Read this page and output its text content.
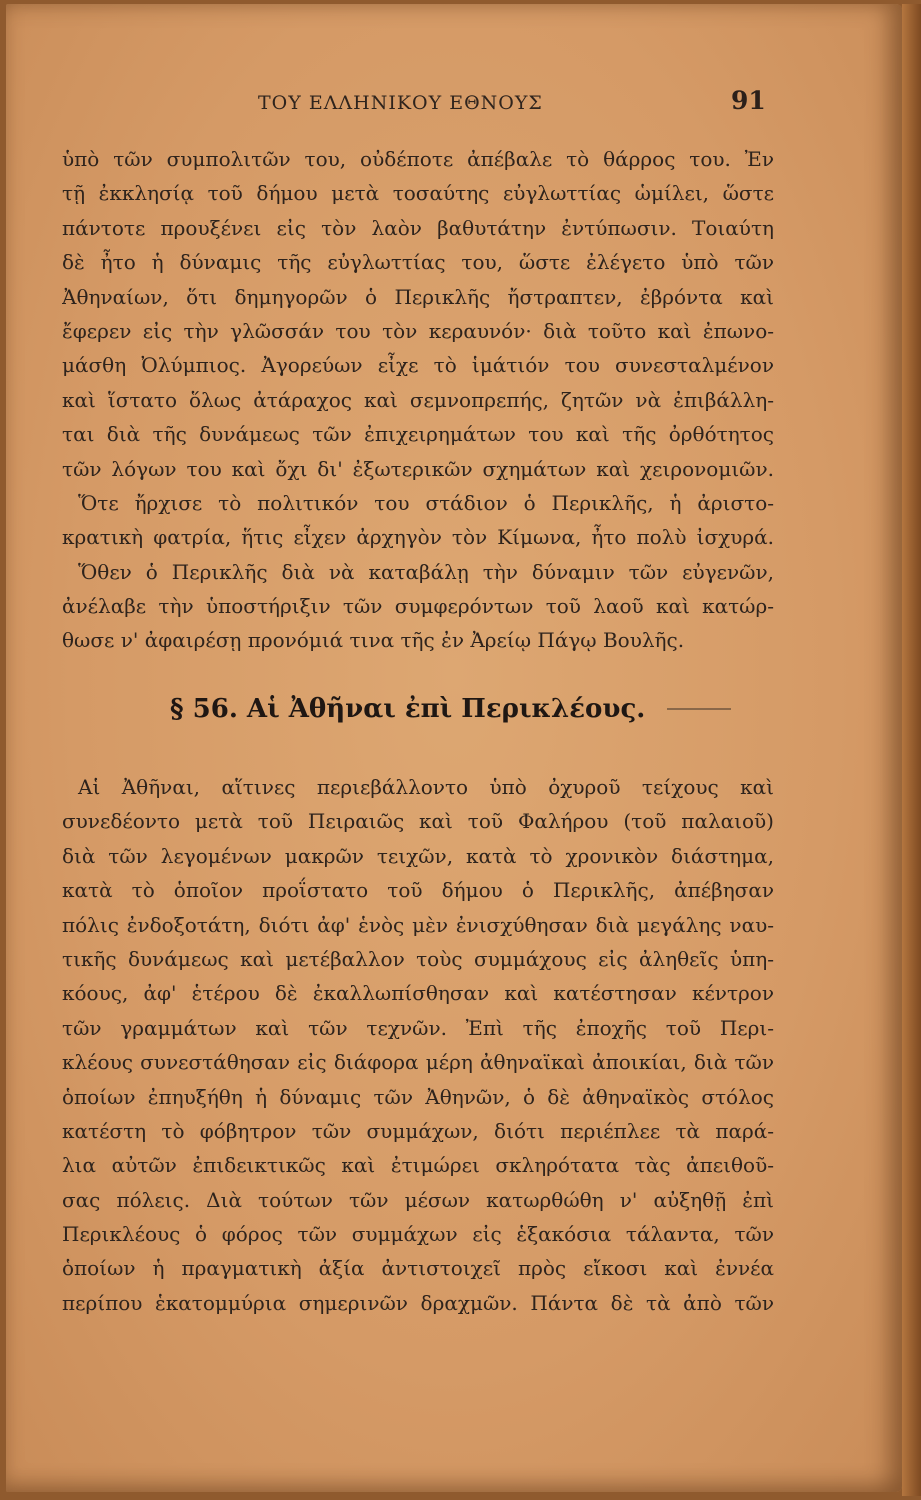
ΤΟΥ ΕΛΛΗΝΙΚΟΥ ΕΘΝΟΥΣ	91
ὑπὸ τῶν συμπολιτῶν του, οὐδέποτε ἀπέβαλε τὸ θάρρος του. Ἐν
τῇ ἐκκλησίᾳ τοῦ δήμου μετὰ τοσαύτης εὐγλωττίας ὡμίλει, ὥστε
πάντοτε προυξένει εἰς τὸν λαὸν βαθυτάτην ἐντύπωσιν. Τοιαύτη
δὲ ἦτο ἡ δύναμις τῆς εὐγλωττίας του, ὥστε ἐλέγετο ὑπὸ τῶν
Ἀθηναίων, ὅτι δημηγορῶν ὁ Περικλῆς ἤστραπτεν, ἐβρόντα καὶ
ἔφερεν εἰς τὴν γλῶσσάν του τὸν κεραυνόν· διὰ τοῦτο καὶ ἐπωνο-
μάσθη Ὀλύμπιος. Ἀγορεύων εἶχε τὸ ἱμάτιόν του συνεσταλμένον
καὶ ἵστατο ὅλως ἀτάραχος καὶ σεμνοπρεπής, ζητῶν νὰ ἐπιβάλλη-
ται διὰ τῆς δυνάμεως τῶν ἐπιχειρημάτων του καὶ τῆς ὀρθότητος
τῶν λόγων του καὶ ὄχι δι' ἐξωτερικῶν σχημάτων καὶ χειρονομιῶν.
Ὅτε ἤρχισε τὸ πολιτικόν του στάδιον ὁ Περικλῆς, ἡ ἀριστο-
κρατικὴ φατρία, ἥτις εἶχεν ἀρχηγὸν τὸν Κίμωνα, ἦτο πολὺ ἰσχυρά.
Ὅθεν ὁ Περικλῆς διὰ νὰ καταβάλῃ τὴν δύναμιν τῶν εὐγενῶν,
ἀνέλαβε τὴν ὑποστήριξιν τῶν συμφερόντων τοῦ λαοῦ καὶ κατώρ-
θωσε ν' ἀφαιρέσῃ προνόμιά τινα τῆς ἐν Ἀρείῳ Πάγῳ Βουλῆς.
§ 56. Αἱ Ἀθῆναι ἐπὶ Περικλέους.
Αἱ Ἀθῆναι, αἵτινες περιεβάλλοντο ὑπὸ ὀχυροῦ τείχους καὶ
συνεδέοντο μετὰ τοῦ Πειραιῶς καὶ τοῦ Φαλήρου (τοῦ παλαιοῦ)
διὰ τῶν λεγομένων μακρῶν τειχῶν, κατὰ τὸ χρονικὸν διάστημα,
κατὰ τὸ ὁποῖον προΐστατο τοῦ δήμου ὁ Περικλῆς, ἀπέβησαν
πόλις ἐνδοξοτάτη, διότι ἀφ' ἑνὸς μὲν ἐνισχύθησαν διὰ μεγάλης ναυ-
τικῆς δυνάμεως καὶ μετέβαλλον τοὺς συμμάχους εἰς ἀληθεῖς ὑπη-
κόους, ἀφ' ἑτέρου δὲ ἐκαλλωπίσθησαν καὶ κατέστησαν κέντρον
τῶν γραμμάτων καὶ τῶν τεχνῶν. Ἐπὶ τῆς ἐποχῆς τοῦ Περι-
κλέους συνεστάθησαν εἰς διάφορα μέρη ἀθηναϊκαὶ ἀποικίαι, διὰ τῶν
ὁποίων ἐπηυξήθη ἡ δύναμις τῶν Ἀθηνῶν, ὁ δὲ ἀθηναϊκὸς στόλος
κατέστη τὸ φόβητρον τῶν συμμάχων, διότι περιέπλεε τὰ παρά-
λια αὐτῶν ἐπιδεικτικῶς καὶ ἐτιμώρει σκληρότατα τὰς ἀπειθοῦ-
σας πόλεις. Διὰ τούτων τῶν μέσων κατωρθώθη ν' αὐξηθῇ ἐπὶ
Περικλέους ὁ φόρος τῶν συμμάχων εἰς ἑξακόσια τάλαντα, τῶν
ὁποίων ἡ πραγματικὴ ἀξία ἀντιστοιχεῖ πρὸς εἴκοσι καὶ ἐννέα
περίπου ἑκατομμύρια σημερινῶν δραχμῶν. Πάντα δὲ τὰ ἀπὸ τῶν
